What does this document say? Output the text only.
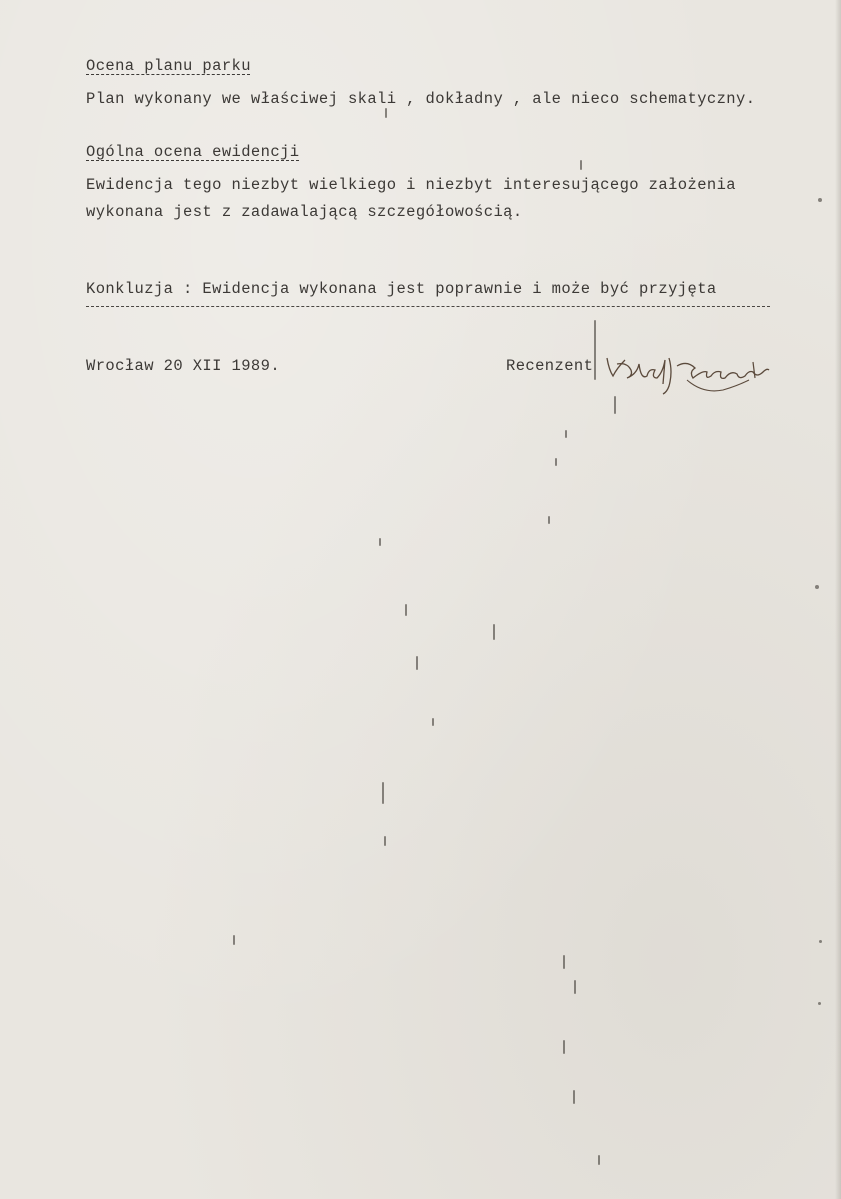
Ocena planu parku
Plan wykonany we właściwej skali , dokładny , ale nieco schematyczny.
Ogólna ocena ewidencji
Ewidencja tego niezbyt wielkiego i niezbyt interesującego założenia
wykonana jest z zadawalającą szczegółowością.
Konkluzja : Ewidencja wykonana jest poprawnie i może być przyjęta
Wrocław 20 XII 1989.	Recenzent
